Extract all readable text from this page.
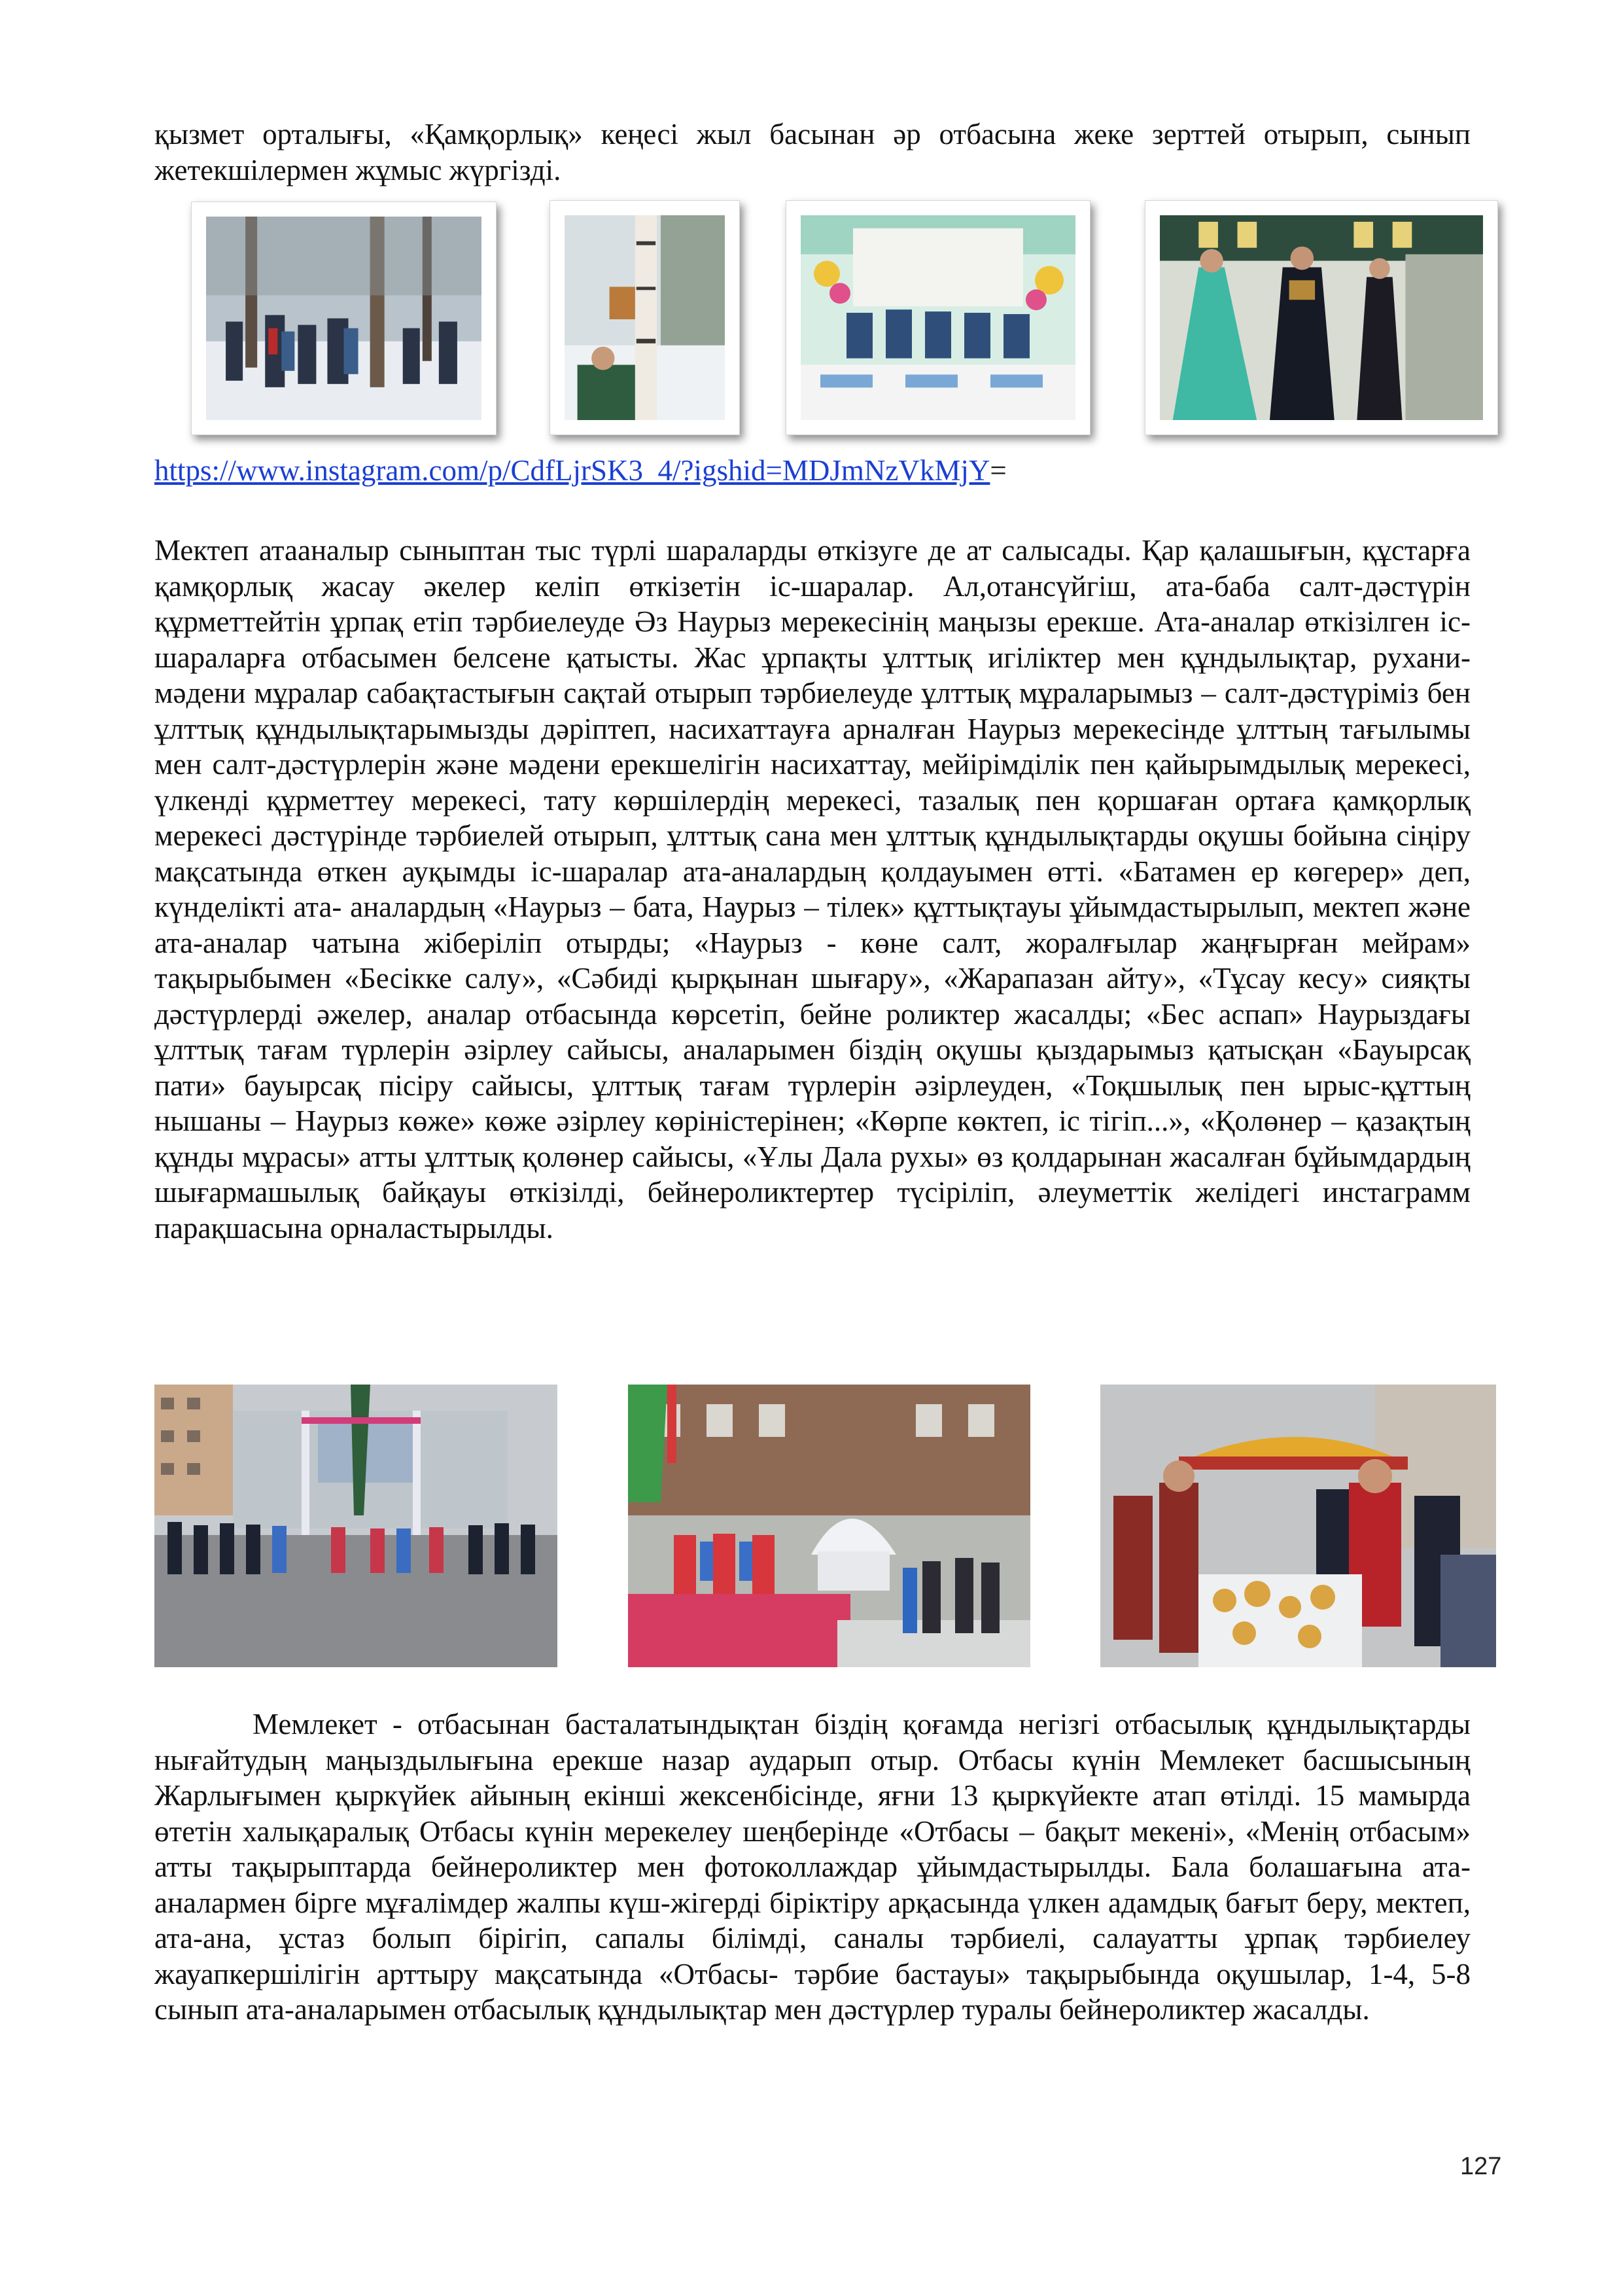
қызмет орталығы, «Қамқорлық» кеңесі жыл басынан әр отбасына жеке зерттей отырып, сынып жетекшілермен жұмыс жүргізді.

https://www.instagram.com/p/CdfLjrSK3_4/?igshid=MDJmNzVkMjY=

Мектеп атааналыр сыныптан тыс түрлі шараларды өткізуге де ат салысады. Қар қалашығын, құстарға қамқорлық жасау әкелер келіп өткізетін іс-шаралар. Ал,отансүйгіш, ата-баба салт-дәстүрін құрметтейтін ұрпақ етіп тәрбиелеуде Әз Наурыз мерекесінің маңызы ерекше. Ата-аналар өткізілген іс-шараларға отбасымен белсене қатысты. Жас ұрпақты ұлттық игіліктер мен құндылықтар, рухани-мәдени мұралар сабақтастығын сақтай отырып тәрбиелеуде ұлттық мұраларымыз – салт-дәстүріміз бен ұлттық құндылықтарымызды дәріптеп, насихаттауға арналған Наурыз мерекесінде ұлттың тағылымы мен салт-дәстүрлерін және мәдени ерекшелігін насихаттау, мейірімділік пен қайырымдылық мерекесі, үлкенді құрметтеу мерекесі, тату көршілердің мерекесі, тазалық пен қоршаған ортаға қамқорлық мерекесі дәстүрінде тәрбиелей отырып, ұлттық сана мен ұлттық құндылықтарды оқушы бойына сіңіру мақсатында өткен ауқымды іс-шаралар ата-аналардың қолдауымен өтті. «Батамен ер көгерер» деп, күнделікті ата- аналардың «Наурыз – бата, Наурыз – тілек» құттықтауы ұйымдастырылып, мектеп және ата-аналар чатына жіберіліп отырды; «Наурыз - көне салт, жоралғылар жаңғырған мейрам» тақырыбымен «Бесікке салу», «Сәбиді қырқынан шығару», «Жарапазан айту», «Тұсау кесу» сияқты дәстүрлерді әжелер, аналар отбасында көрсетіп, бейне роликтер жасалды; «Бес аспап» Наурыздағы ұлттық тағам түрлерін әзірлеу сайысы, аналарымен біздің оқушы қыздарымыз қатысқан «Бауырсақ пати» бауырсақ пісіру сайысы, ұлттық тағам түрлерін әзірлеуден, «Тоқшылық пен ырыс-құттың нышаны – Наурыз көже» көже әзірлеу көріністерінен; «Көрпе көктеп, іс тігіп...», «Қолөнер – қазақтың құнды мұрасы» атты ұлттық қолөнер сайысы, «Ұлы Дала рухы» өз қолдарынан жасалған бұйымдардың шығармашылық байқауы өткізілді, бейнероликтертер түсіріліп, әлеуметтік желідегі инстаграмм парақшасына орналастырылды.

Мемлекет - отбасынан басталатындықтан біздің қоғамда негізгі отбасылық құндылықтарды нығайтудың маңыздылығына ерекше назар аударып отыр. Отбасы күнін Мемлекет басшысының Жарлығымен қыркүйек айының екінші жексенбісінде, яғни 13 қыркүйекте атап өтілді. 15 мамырда өтетін халықаралық Отбасы күнін мерекелеу шеңберінде «Отбасы – бақыт мекені», «Менің отбасым» атты тақырыптарда бейнероликтер мен фотоколлаждар ұйымдастырылды. Бала болашағына ата-аналармен бірге мұғалімдер жалпы күш-жігерді біріктіру арқасында үлкен адамдық бағыт беру, мектеп, ата-ана, ұстаз болып бірігіп, сапалы білімді, саналы тәрбиелі, салауатты ұрпақ тәрбиелеу жауапкершілігін арттыру мақсатында «Отбасы- тәрбие бастауы» тақырыбында оқушылар, 1-4, 5-8 сынып ата-аналарымен отбасылық құндылықтар мен дәстүрлер туралы бейнероликтер жасалды.

127
